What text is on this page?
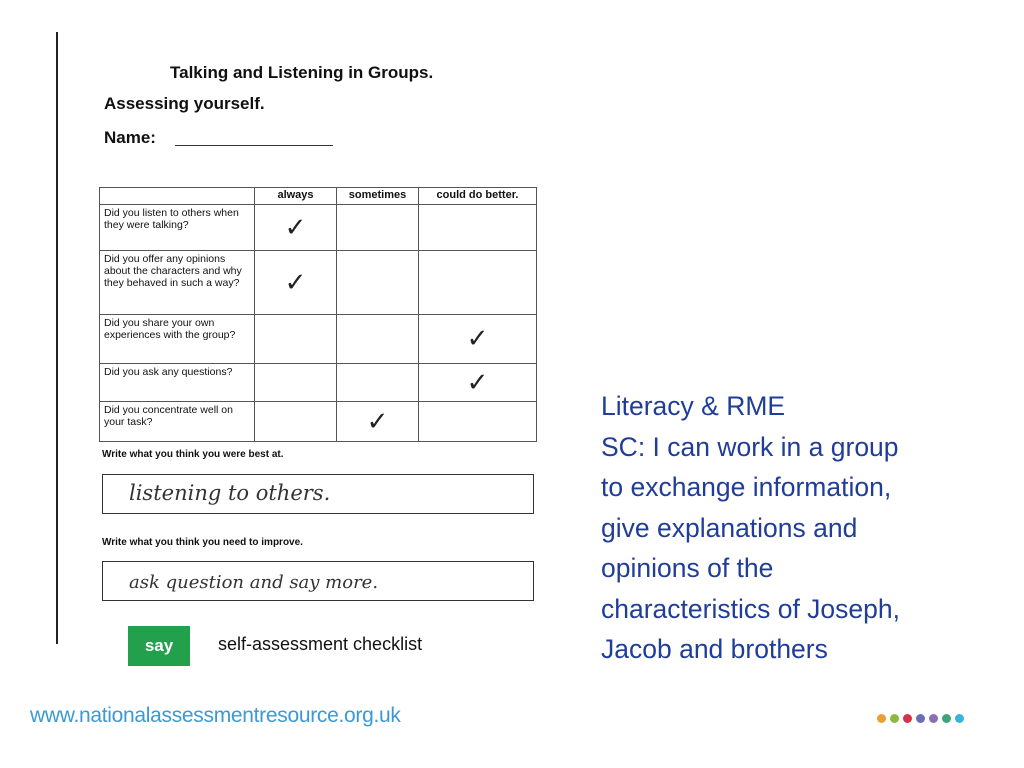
Talking and Listening in Groups.
Assessing yourself.
Name:
	always	sometimes	could do better.
Did you listen to others when they were talking?	✓		
Did you offer any opinions about the characters and why they behaved in such a way?	✓		
Did you share your own experiences with the group?			✓
Did you ask any questions?			✓
Did you concentrate well on your task?		✓	
Write what you think you were best at.
listening to others.
Write what you think you need to improve.
ask question and say more.
say	self-assessment checklist
Literacy & RME
SC: I can work in a group
to exchange information,
give explanations and
opinions of the
characteristics of Joseph,
Jacob and brothers
www.nationalassessmentresource.org.uk
